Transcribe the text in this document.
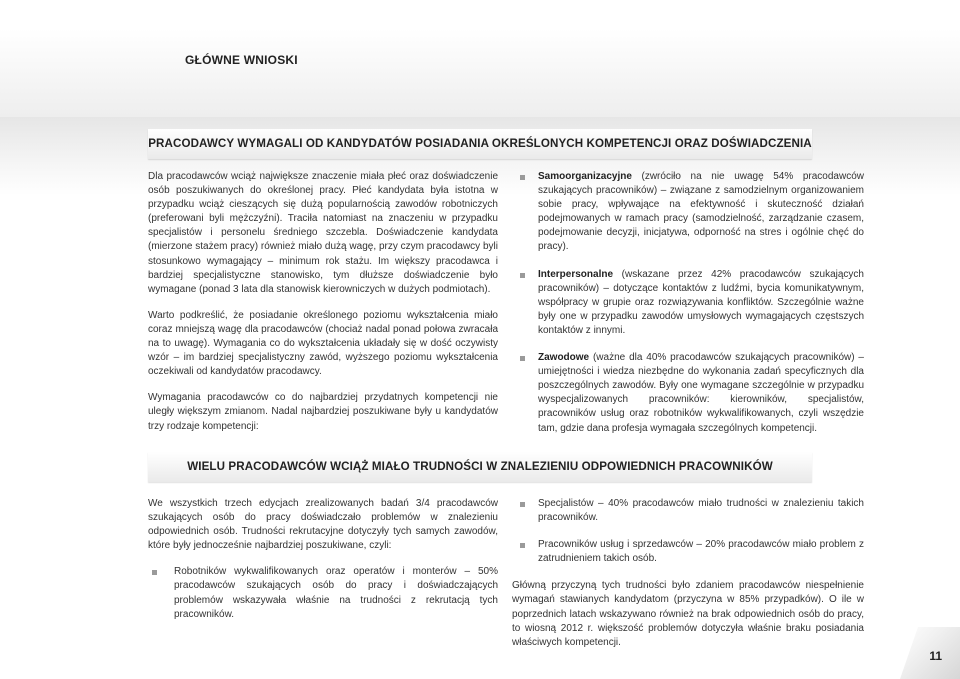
GŁÓWNE WNIOSKI
PRACODAWCY WYMAGALI OD KANDYDATÓW POSIADANIA OKREŚLONYCH KOMPETENCJI ORAZ DOŚWIADCZENIA

Dla pracodawców wciąż największe znaczenie miała płeć oraz doświadczenie osób poszukiwanych do określonej pracy. Płeć kandydata była istotna w przypadku wciąż cieszących się dużą popularnością zawodów robotniczych (preferowani byli mężczyźni). Traciła natomiast na znaczeniu w przypadku specjalistów i personelu średniego szczebla. Doświadczenie kandydata (mierzone stażem pracy) również miało dużą wagę, przy czym pracodawcy byli stosunkowo wymagający – minimum rok stażu. Im większy pracodawca i bardziej specjalistyczne stanowisko, tym dłuższe doświadczenie było wymagane (ponad 3 lata dla stanowisk kierowniczych w dużych podmiotach).

Warto podkreślić, że posiadanie określonego poziomu wykształcenia miało coraz mniejszą wagę dla pracodawców (chociaż nadal ponad połowa zwracała na to uwagę). Wymagania co do wykształcenia układały się w dość oczywisty wzór – im bardziej specjalistyczny zawód, wyższego poziomu wykształcenia oczekiwali od kandydatów pracodawcy.

Wymagania pracodawców co do najbardziej przydatnych kompetencji nie uległy większym zmianom. Nadal najbardziej poszukiwane były u kandydatów trzy rodzaje kompetencji:

Samoorganizacyjne (zwróciło na nie uwagę 54% pracodawców szukających pracowników) – związane z samodzielnym organizowaniem sobie pracy, wpływające na efektywność i skuteczność działań podejmowanych w ramach pracy (samodzielność, zarządzanie czasem, podejmowanie decyzji, inicjatywa, odporność na stres i ogólnie chęć do pracy).
Interpersonalne (wskazane przez 42% pracodawców szukających pracowników) – dotyczące kontaktów z ludźmi, bycia komunikatywnym, współpracy w grupie oraz rozwiązywania konfliktów. Szczególnie ważne były one w przypadku zawodów umysłowych wymagających częstszych kontaktów z innymi.
Zawodowe (ważne dla 40% pracodawców szukających pracowników) – umiejętności i wiedza niezbędne do wykonania zadań specyficznych dla poszczególnych zawodów. Były one wymagane szczególnie w przypadku wyspecjalizowanych pracowników: kierowników, specjalistów, pracowników usług oraz robotników wykwalifikowanych, czyli wszędzie tam, gdzie dana profesja wymagała szczególnych kompetencji.
WIELU PRACODAWCÓW WCIĄŻ MIAŁO TRUDNOŚCI W ZNALEZIENIU ODPOWIEDNICH PRACOWNIKÓW

We wszystkich trzech edycjach zrealizowanych badań 3/4 pracodawców szukających osób do pracy doświadczało problemów w znalezieniu odpowiednich osób. Trudności rekrutacyjne dotyczyły tych samych zawodów, które były jednocześnie najbardziej poszukiwane, czyli:

Robotników wykwalifikowanych oraz operatów i monterów – 50% pracodawców szukających osób do pracy i doświadczających problemów wskazywała właśnie na trudności z rekrutacją tych pracowników.
Specjalistów – 40% pracodawców miało trudności w znalezieniu takich pracowników.
Pracowników usług i sprzedawców – 20% pracodawców miało problem z zatrudnieniem takich osób.

Główną przyczyną tych trudności było zdaniem pracodawców niespełnienie wymagań stawianych kandydatom (przyczyna w 85% przypadków). O ile w poprzednich latach wskazywano również na brak odpowiednich osób do pracy, to wiosną 2012 r. większość problemów dotyczyła właśnie braku posiadania właściwych kompetencji.

11
